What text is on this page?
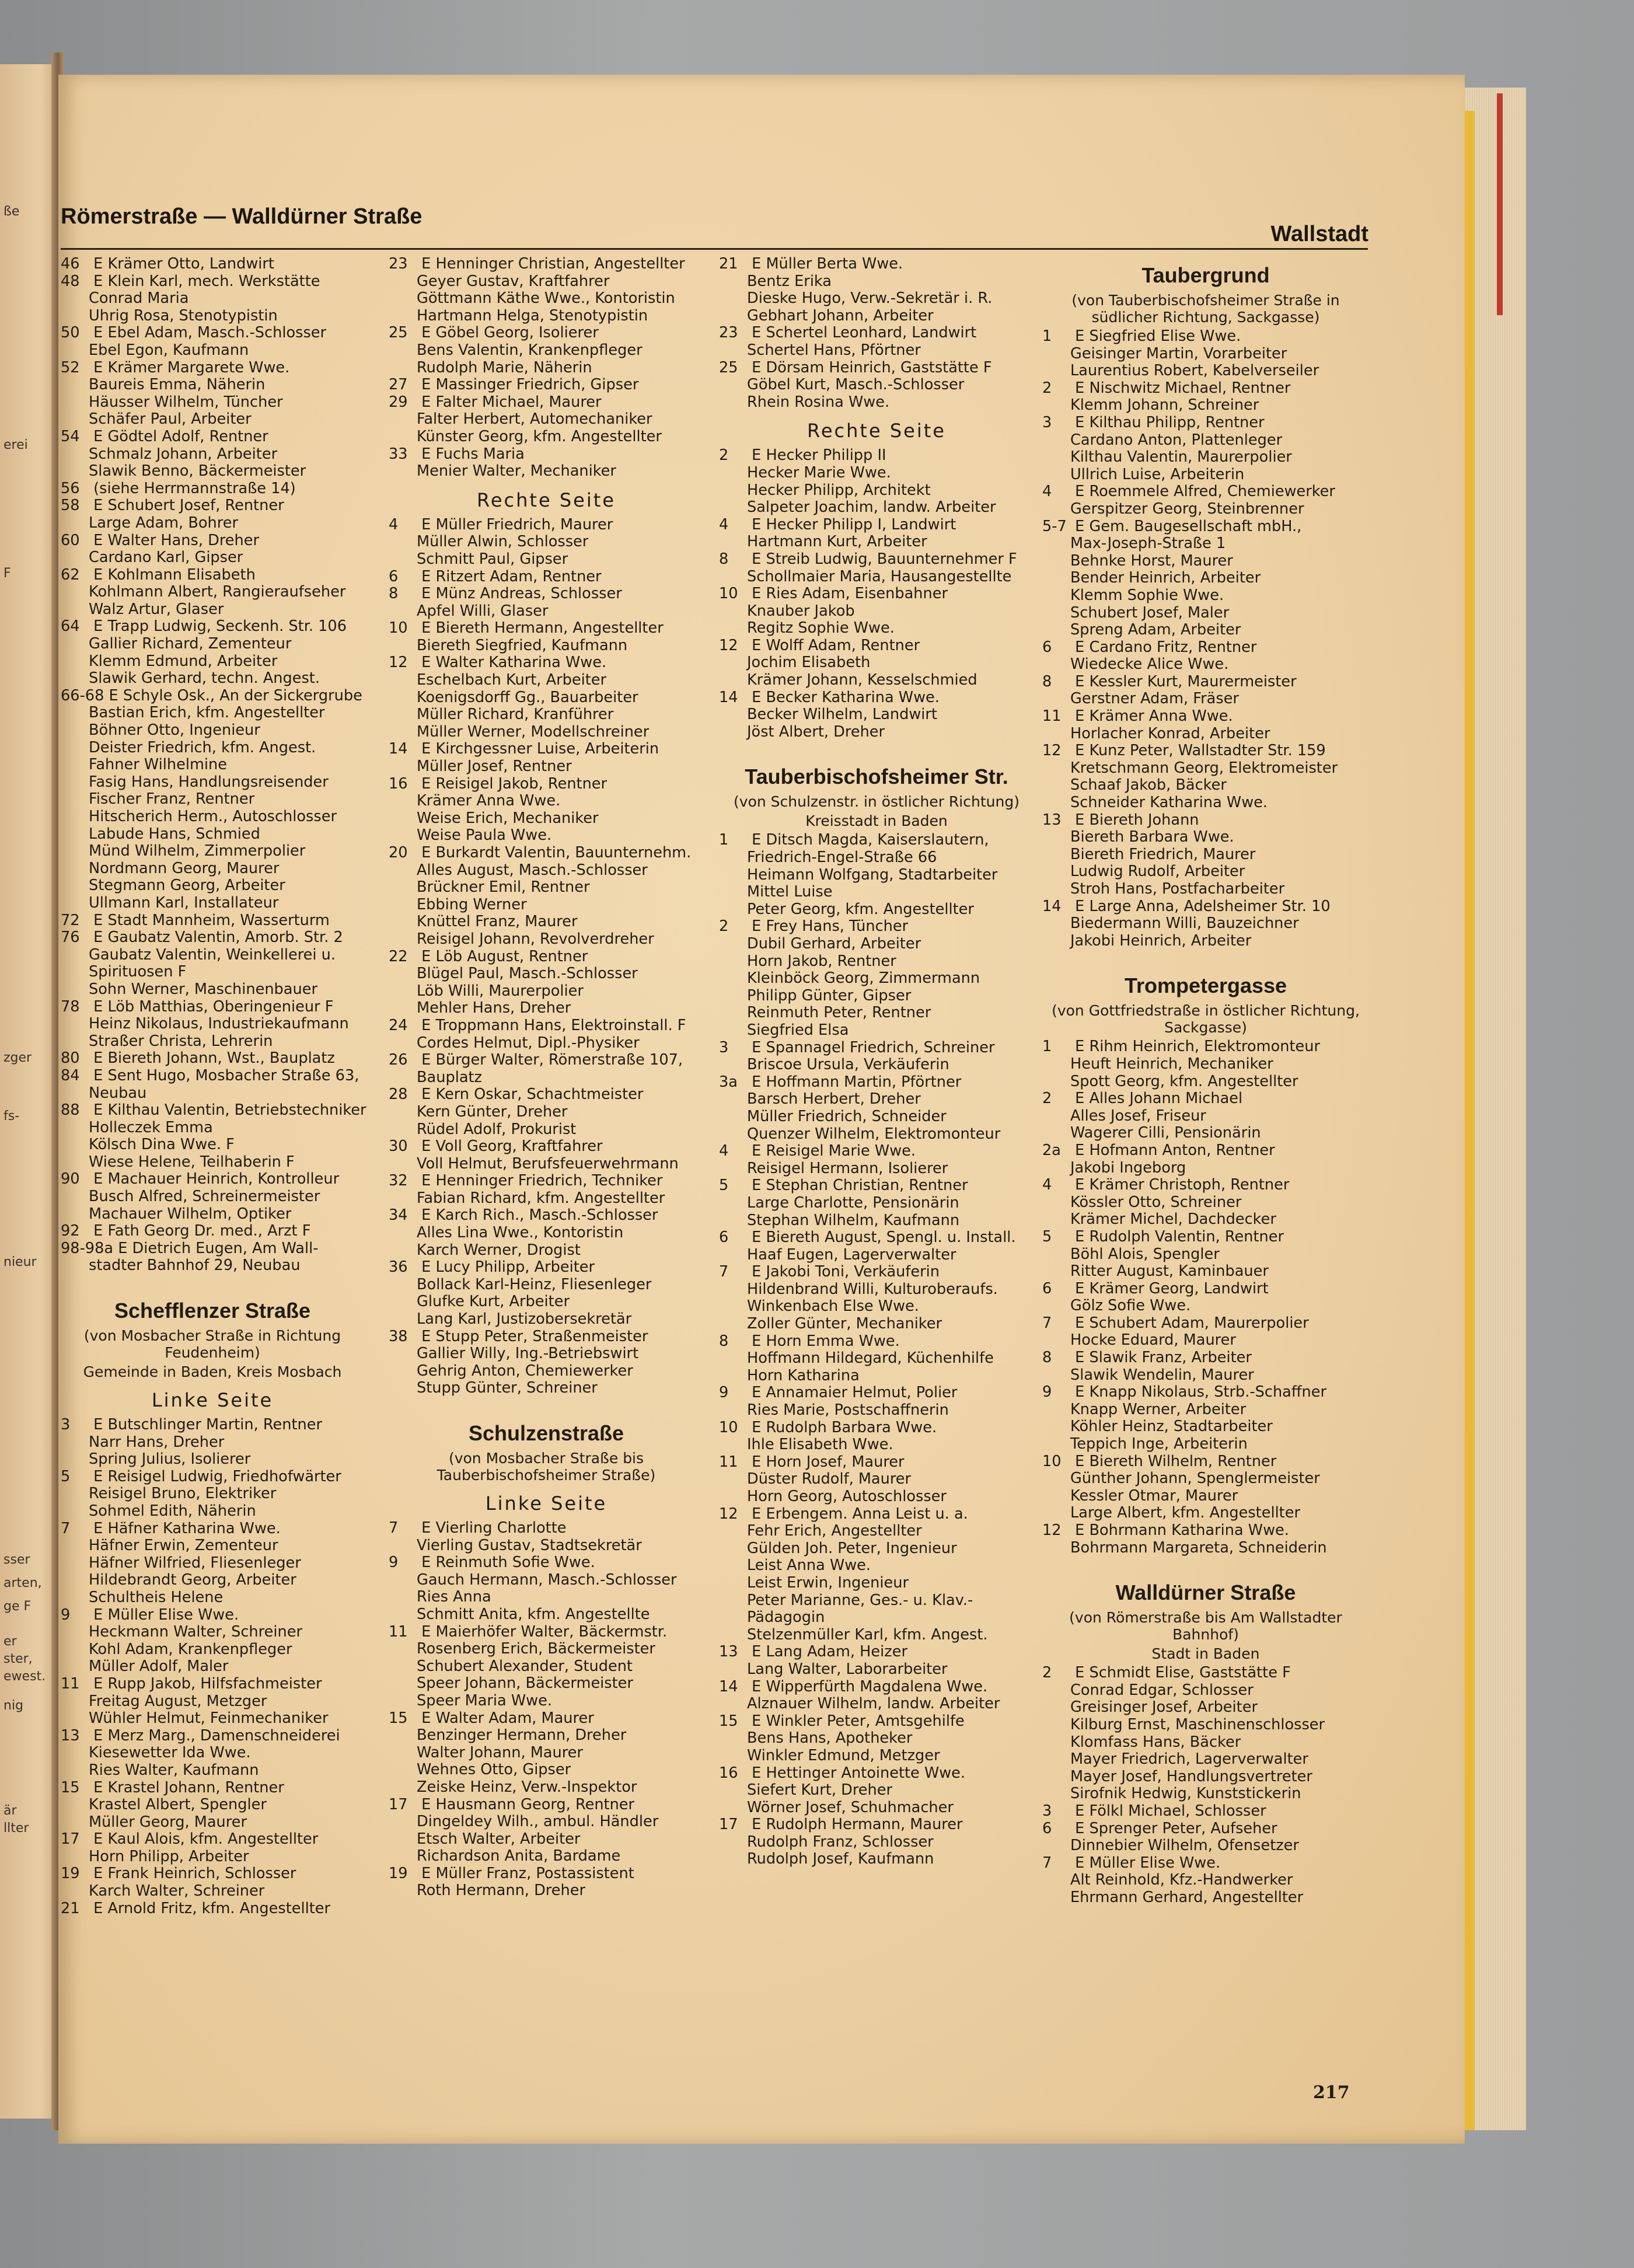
ße
erei
F
zger
fs-
nieur
sser
arten,
ge F
er
ster,
ewest.
nig
är
llter
Römerstraße — Walldürner Straße
Wallstadt

46 E Krämer Otto, Landwirt

48 E Klein Karl, mech. Werkstätte

Conrad Maria

Uhrig Rosa, Stenotypistin

50 E Ebel Adam, Masch.-Schlosser

Ebel Egon, Kaufmann

52 E Krämer Margarete Wwe.

Baureis Emma, Näherin

Häusser Wilhelm, Tüncher

Schäfer Paul, Arbeiter

54 E Gödtel Adolf, Rentner

Schmalz Johann, Arbeiter

Slawik Benno, Bäckermeister

56 (siehe Herrmannstraße 14)

58 E Schubert Josef, Rentner

Large Adam, Bohrer

60 E Walter Hans, Dreher

Cardano Karl, Gipser

62 E Kohlmann Elisabeth

Kohlmann Albert, Rangieraufseher

Walz Artur, Glaser

64 E Trapp Ludwig, Seckenh. Str. 106

Gallier Richard, Zementeur

Klemm Edmund, Arbeiter

Slawik Gerhard, techn. Angest.

66-68 E Schyle Osk., An der Sickergrube

Bastian Erich, kfm. Angestellter

Böhner Otto, Ingenieur

Deister Friedrich, kfm. Angest.

Fahner Wilhelmine

Fasig Hans, Handlungsreisender

Fischer Franz, Rentner

Hitscherich Herm., Autoschlosser

Labude Hans, Schmied

Münd Wilhelm, Zimmerpolier

Nordmann Georg, Maurer

Stegmann Georg, Arbeiter

Ullmann Karl, Installateur

72 E Stadt Mannheim, Wasserturm

76 E Gaubatz Valentin, Amorb. Str. 2

Gaubatz Valentin, Weinkellerei u.

Spirituosen F

Sohn Werner, Maschinenbauer

78 E Löb Matthias, Oberingenieur F

Heinz Nikolaus, Industriekaufmann

Straßer Christa, Lehrerin

80 E Biereth Johann, Wst., Bauplatz

84 E Sent Hugo, Mosbacher Straße 63,

Neubau

88 E Kilthau Valentin, Betriebstechniker

Holleczek Emma

Kölsch Dina Wwe. F

Wiese Helene, Teilhaberin F

90 E Machauer Heinrich, Kontrolleur

Busch Alfred, Schreinermeister

Machauer Wilhelm, Optiker

92 E Fath Georg Dr. med., Arzt F

98-98a E Dietrich Eugen, Am Wall-

stadter Bahnhof 29, Neubau

Schefflenzer Straße
(von Mosbacher Straße in Richtung Feudenheim)
Gemeinde in Baden, Kreis Mosbach
Linke Seite

3 E Butschlinger Martin, Rentner

Narr Hans, Dreher

Spring Julius, Isolierer

5 E Reisigel Ludwig, Friedhofwärter

Reisigel Bruno, Elektriker

Sohmel Edith, Näherin

7 E Häfner Katharina Wwe.

Häfner Erwin, Zementeur

Häfner Wilfried, Fliesenleger

Hildebrandt Georg, Arbeiter

Schultheis Helene

9 E Müller Elise Wwe.

Heckmann Walter, Schreiner

Kohl Adam, Krankenpfleger

Müller Adolf, Maler

11 E Rupp Jakob, Hilfsfachmeister

Freitag August, Metzger

Wühler Helmut, Feinmechaniker

13 E Merz Marg., Damenschneiderei

Kiesewetter Ida Wwe.

Ries Walter, Kaufmann

15 E Krastel Johann, Rentner

Krastel Albert, Spengler

Müller Georg, Maurer

17 E Kaul Alois, kfm. Angestellter

Horn Philipp, Arbeiter

19 E Frank Heinrich, Schlosser

Karch Walter, Schreiner

21 E Arnold Fritz, kfm. Angestellter

23 E Henninger Christian, Angestellter

Geyer Gustav, Kraftfahrer

Göttmann Käthe Wwe., Kontoristin

Hartmann Helga, Stenotypistin

25 E Göbel Georg, Isolierer

Bens Valentin, Krankenpfleger

Rudolph Marie, Näherin

27 E Massinger Friedrich, Gipser

29 E Falter Michael, Maurer

Falter Herbert, Automechaniker

Künster Georg, kfm. Angestellter

33 E Fuchs Maria

Menier Walter, Mechaniker

Rechte Seite

4 E Müller Friedrich, Maurer

Müller Alwin, Schlosser

Schmitt Paul, Gipser

6 E Ritzert Adam, Rentner

8 E Münz Andreas, Schlosser

Apfel Willi, Glaser

10 E Biereth Hermann, Angestellter

Biereth Siegfried, Kaufmann

12 E Walter Katharina Wwe.

Eschelbach Kurt, Arbeiter

Koenigsdorff Gg., Bauarbeiter

Müller Richard, Kranführer

Müller Werner, Modellschreiner

14 E Kirchgessner Luise, Arbeiterin

Müller Josef, Rentner

16 E Reisigel Jakob, Rentner

Krämer Anna Wwe.

Weise Erich, Mechaniker

Weise Paula Wwe.

20 E Burkardt Valentin, Bauunternehm.

Alles August, Masch.-Schlosser

Brückner Emil, Rentner

Ebbing Werner

Knüttel Franz, Maurer

Reisigel Johann, Revolverdreher

22 E Löb August, Rentner

Blügel Paul, Masch.-Schlosser

Löb Willi, Maurerpolier

Mehler Hans, Dreher

24 E Troppmann Hans, Elektroinstall. F

Cordes Helmut, Dipl.-Physiker

26 E Bürger Walter, Römerstraße 107,

Bauplatz

28 E Kern Oskar, Schachtmeister

Kern Günter, Dreher

Rüdel Adolf, Prokurist

30 E Voll Georg, Kraftfahrer

Voll Helmut, Berufsfeuerwehrmann

32 E Henninger Friedrich, Techniker

Fabian Richard, kfm. Angestellter

34 E Karch Rich., Masch.-Schlosser

Alles Lina Wwe., Kontoristin

Karch Werner, Drogist

36 E Lucy Philipp, Arbeiter

Bollack Karl-Heinz, Fliesenleger

Glufke Kurt, Arbeiter

Lang Karl, Justizobersekretär

38 E Stupp Peter, Straßenmeister

Gallier Willy, Ing.-Betriebswirt

Gehrig Anton, Chemiewerker

Stupp Günter, Schreiner

Schulzenstraße
(von Mosbacher Straße bis Tauberbischofsheimer Straße)
Linke Seite

7 E Vierling Charlotte

Vierling Gustav, Stadtsekretär

9 E Reinmuth Sofie Wwe.

Gauch Hermann, Masch.-Schlosser

Ries Anna

Schmitt Anita, kfm. Angestellte

11 E Maierhöfer Walter, Bäckermstr.

Rosenberg Erich, Bäckermeister

Schubert Alexander, Student

Speer Johann, Bäckermeister

Speer Maria Wwe.

15 E Walter Adam, Maurer

Benzinger Hermann, Dreher

Walter Johann, Maurer

Wehnes Otto, Gipser

Zeiske Heinz, Verw.-Inspektor

17 E Hausmann Georg, Rentner

Dingeldey Wilh., ambul. Händler

Etsch Walter, Arbeiter

Richardson Anita, Bardame

19 E Müller Franz, Postassistent

Roth Hermann, Dreher

21 E Müller Berta Wwe.

Bentz Erika

Dieske Hugo, Verw.-Sekretär i. R.

Gebhart Johann, Arbeiter

23 E Schertel Leonhard, Landwirt

Schertel Hans, Pförtner

25 E Dörsam Heinrich, Gaststätte F

Göbel Kurt, Masch.-Schlosser

Rhein Rosina Wwe.

Rechte Seite

2 E Hecker Philipp II

Hecker Marie Wwe.

Hecker Philipp, Architekt

Salpeter Joachim, landw. Arbeiter

4 E Hecker Philipp I, Landwirt

Hartmann Kurt, Arbeiter

8 E Streib Ludwig, Bauunternehmer F

Schollmaier Maria, Hausangestellte

10 E Ries Adam, Eisenbahner

Knauber Jakob

Regitz Sophie Wwe.

12 E Wolff Adam, Rentner

Jochim Elisabeth

Krämer Johann, Kesselschmied

14 E Becker Katharina Wwe.

Becker Wilhelm, Landwirt

Jöst Albert, Dreher

Tauberbischofsheimer Str.
(von Schulzenstr. in östlicher Richtung)
Kreisstadt in Baden

1 E Ditsch Magda, Kaiserslautern,

Friedrich-Engel-Straße 66

Heimann Wolfgang, Stadtarbeiter

Mittel Luise

Peter Georg, kfm. Angestellter

2 E Frey Hans, Tüncher

Dubil Gerhard, Arbeiter

Horn Jakob, Rentner

Kleinböck Georg, Zimmermann

Philipp Günter, Gipser

Reinmuth Peter, Rentner

Siegfried Elsa

3 E Spannagel Friedrich, Schreiner

Briscoe Ursula, Verkäuferin

3a E Hoffmann Martin, Pförtner

Barsch Herbert, Dreher

Müller Friedrich, Schneider

Quenzer Wilhelm, Elektromonteur

4 E Reisigel Marie Wwe.

Reisigel Hermann, Isolierer

5 E Stephan Christian, Rentner

Large Charlotte, Pensionärin

Stephan Wilhelm, Kaufmann

6 E Biereth August, Spengl. u. Install.

Haaf Eugen, Lagerverwalter

7 E Jakobi Toni, Verkäuferin

Hildenbrand Willi, Kulturoberaufs.

Winkenbach Else Wwe.

Zoller Günter, Mechaniker

8 E Horn Emma Wwe.

Hoffmann Hildegard, Küchenhilfe

Horn Katharina

9 E Annamaier Helmut, Polier

Ries Marie, Postschaffnerin

10 E Rudolph Barbara Wwe.

Ihle Elisabeth Wwe.

11 E Horn Josef, Maurer

Düster Rudolf, Maurer

Horn Georg, Autoschlosser

12 E Erbengem. Anna Leist u. a.

Fehr Erich, Angestellter

Gülden Joh. Peter, Ingenieur

Leist Anna Wwe.

Leist Erwin, Ingenieur

Peter Marianne, Ges.- u. Klav.-

Pädagogin

Stelzenmüller Karl, kfm. Angest.

13 E Lang Adam, Heizer

Lang Walter, Laborarbeiter

14 E Wipperfürth Magdalena Wwe.

Alznauer Wilhelm, landw. Arbeiter

15 E Winkler Peter, Amtsgehilfe

Bens Hans, Apotheker

Winkler Edmund, Metzger

16 E Hettinger Antoinette Wwe.

Siefert Kurt, Dreher

Wörner Josef, Schuhmacher

17 E Rudolph Hermann, Maurer

Rudolph Franz, Schlosser

Rudolph Josef, Kaufmann

Taubergrund
(von Tauberbischofsheimer Straße in südlicher Richtung, Sackgasse)

1 E Siegfried Elise Wwe.

Geisinger Martin, Vorarbeiter

Laurentius Robert, Kabelverseiler

2 E Nischwitz Michael, Rentner

Klemm Johann, Schreiner

3 E Kilthau Philipp, Rentner

Cardano Anton, Plattenleger

Kilthau Valentin, Maurerpolier

Ullrich Luise, Arbeiterin

4 E Roemmele Alfred, Chemiewerker

Gerspitzer Georg, Steinbrenner

5-7 E Gem. Baugesellschaft mbH.,

Max-Joseph-Straße 1

Behnke Horst, Maurer

Bender Heinrich, Arbeiter

Klemm Sophie Wwe.

Schubert Josef, Maler

Spreng Adam, Arbeiter

6 E Cardano Fritz, Rentner

Wiedecke Alice Wwe.

8 E Kessler Kurt, Maurermeister

Gerstner Adam, Fräser

11 E Krämer Anna Wwe.

Horlacher Konrad, Arbeiter

12 E Kunz Peter, Wallstadter Str. 159

Kretschmann Georg, Elektromeister

Schaaf Jakob, Bäcker

Schneider Katharina Wwe.

13 E Biereth Johann

Biereth Barbara Wwe.

Biereth Friedrich, Maurer

Ludwig Rudolf, Arbeiter

Stroh Hans, Postfacharbeiter

14 E Large Anna, Adelsheimer Str. 10

Biedermann Willi, Bauzeichner

Jakobi Heinrich, Arbeiter

Trompetergasse
(von Gottfriedstraße in östlicher Richtung, Sackgasse)

1 E Rihm Heinrich, Elektromonteur

Heuft Heinrich, Mechaniker

Spott Georg, kfm. Angestellter

2 E Alles Johann Michael

Alles Josef, Friseur

Wagerer Cilli, Pensionärin

2a E Hofmann Anton, Rentner

Jakobi Ingeborg

4 E Krämer Christoph, Rentner

Kössler Otto, Schreiner

Krämer Michel, Dachdecker

5 E Rudolph Valentin, Rentner

Böhl Alois, Spengler

Ritter August, Kaminbauer

6 E Krämer Georg, Landwirt

Gölz Sofie Wwe.

7 E Schubert Adam, Maurerpolier

Hocke Eduard, Maurer

8 E Slawik Franz, Arbeiter

Slawik Wendelin, Maurer

9 E Knapp Nikolaus, Strb.-Schaffner

Knapp Werner, Arbeiter

Köhler Heinz, Stadtarbeiter

Teppich Inge, Arbeiterin

10 E Biereth Wilhelm, Rentner

Günther Johann, Spenglermeister

Kessler Otmar, Maurer

Large Albert, kfm. Angestellter

12 E Bohrmann Katharina Wwe.

Bohrmann Margareta, Schneiderin

Walldürner Straße
(von Römerstraße bis Am Wallstadter Bahnhof)
Stadt in Baden

2 E Schmidt Elise, Gaststätte F

Conrad Edgar, Schlosser

Greisinger Josef, Arbeiter

Kilburg Ernst, Maschinenschlosser

Klomfass Hans, Bäcker

Mayer Friedrich, Lagerverwalter

Mayer Josef, Handlungsvertreter

Sirofnik Hedwig, Kunststickerin

3 E Fölkl Michael, Schlosser

6 E Sprenger Peter, Aufseher

Dinnebier Wilhelm, Ofensetzer

7 E Müller Elise Wwe.

Alt Reinhold, Kfz.-Handwerker

Ehrmann Gerhard, Angestellter

217
